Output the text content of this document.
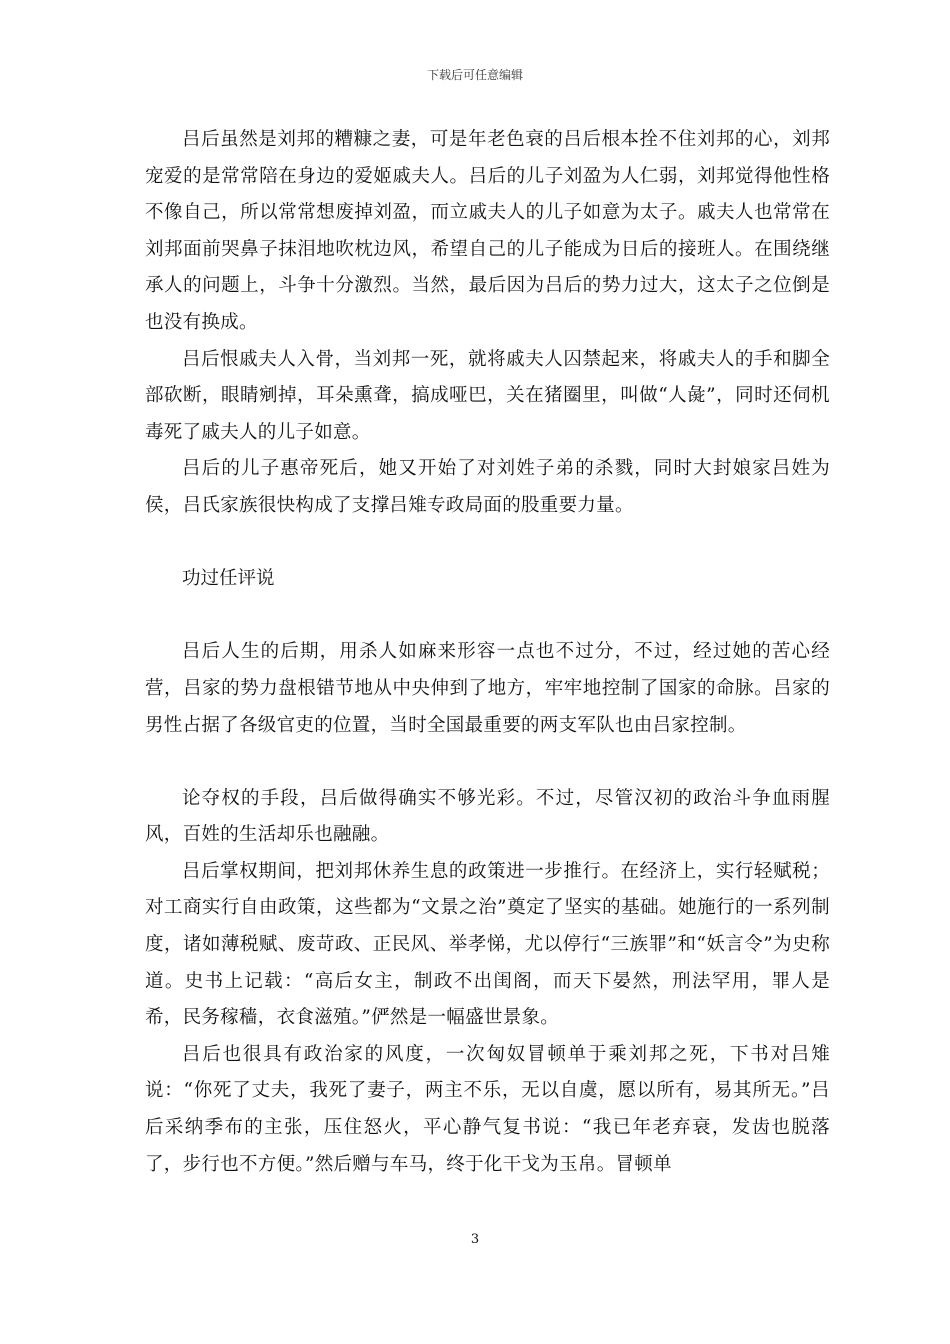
下载后可任意编辑

吕后虽然是刘邦的糟糠之妻，可是年老色衰的吕后根本拴不住刘邦的心，刘邦宠爱的是常常陪在身边的爱姬戚夫人。吕后的儿子刘盈为人仁弱，刘邦觉得他性格不像自己，所以常常想废掉刘盈，而立戚夫人的儿子如意为太子。戚夫人也常常在刘邦面前哭鼻子抹泪地吹枕边风，希望自己的儿子能成为日后的接班人。在围绕继承人的问题上，斗争十分激烈。当然，最后因为吕后的势力过大，这太子之位倒是也没有换成。

吕后恨戚夫人入骨，当刘邦一死，就将戚夫人囚禁起来，将戚夫人的手和脚全部砍断，眼睛剜掉，耳朵熏聋，搞成哑巴，关在猪圈里，叫做“人彘”，同时还伺机毒死了戚夫人的儿子如意。

吕后的儿子惠帝死后，她又开始了对刘姓子弟的杀戮，同时大封娘家吕姓为侯，吕氏家族很快构成了支撑吕雉专政局面的股重要力量。

功过任评说

吕后人生的后期，用杀人如麻来形容一点也不过分，不过，经过她的苦心经营，吕家的势力盘根错节地从中央伸到了地方，牢牢地控制了国家的命脉。吕家的男性占据了各级官吏的位置，当时全国最重要的两支军队也由吕家控制。

论夺权的手段，吕后做得确实不够光彩。不过，尽管汉初的政治斗争血雨腥风，百姓的生活却乐也融融。

吕后掌权期间，把刘邦休养生息的政策进一步推行。在经济上，实行轻赋税；对工商实行自由政策，这些都为“文景之治”奠定了坚实的基础。她施行的一系列制度，诸如薄税赋、废苛政、正民风、举孝悌，尤以停行“三族罪”和“妖言令”为史称道。史书上记载：“高后女主，制政不出闺阁，而天下晏然，刑法罕用，罪人是希，民务稼穑，衣食滋殖。”俨然是一幅盛世景象。

吕后也很具有政治家的风度，一次匈奴冒顿单于乘刘邦之死，下书对吕雉说：“你死了丈夫，我死了妻子，两主不乐，无以自虞，愿以所有，易其所无。”吕后采纳季布的主张，压住怒火，平心静气复书说：“我已年老弃衰，发齿也脱落了，步行也不方便。”然后赠与车马，终于化干戈为玉帛。冒顿单

3
